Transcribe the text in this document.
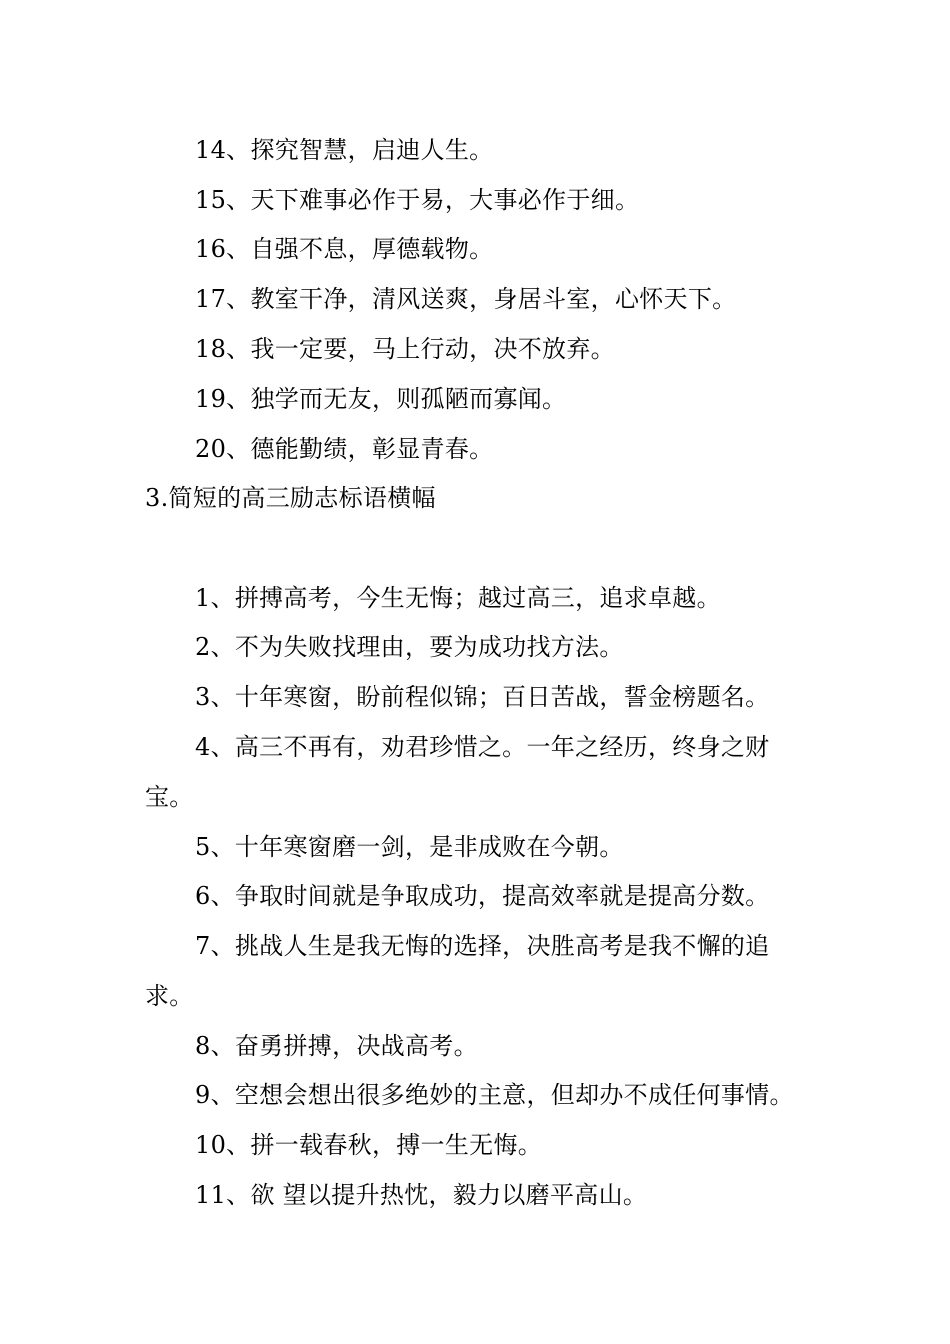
14、探究智慧，启迪人生。
15、天下难事必作于易，大事必作于细。
16、自强不息，厚德载物。
17、教室干净，清风送爽，身居斗室，心怀天下。
18、我一定要，马上行动，决不放弃。
19、独学而无友，则孤陋而寡闻。
20、德能勤绩，彰显青春。
3.简短的高三励志标语横幅
1、拼搏高考，今生无悔；越过高三，追求卓越。
2、不为失败找理由，要为成功找方法。
3、十年寒窗，盼前程似锦；百日苦战，誓金榜题名。
4、高三不再有，劝君珍惜之。一年之经历，终身之财
宝。
5、十年寒窗磨一剑，是非成败在今朝。
6、争取时间就是争取成功，提高效率就是提高分数。
7、挑战人生是我无悔的选择，决胜高考是我不懈的追
求。
8、奋勇拼搏，决战高考。
9、空想会想出很多绝妙的主意，但却办不成任何事情。
10、拼一载春秋，搏一生无悔。
11、欲 望以提升热忱，毅力以磨平高山。
